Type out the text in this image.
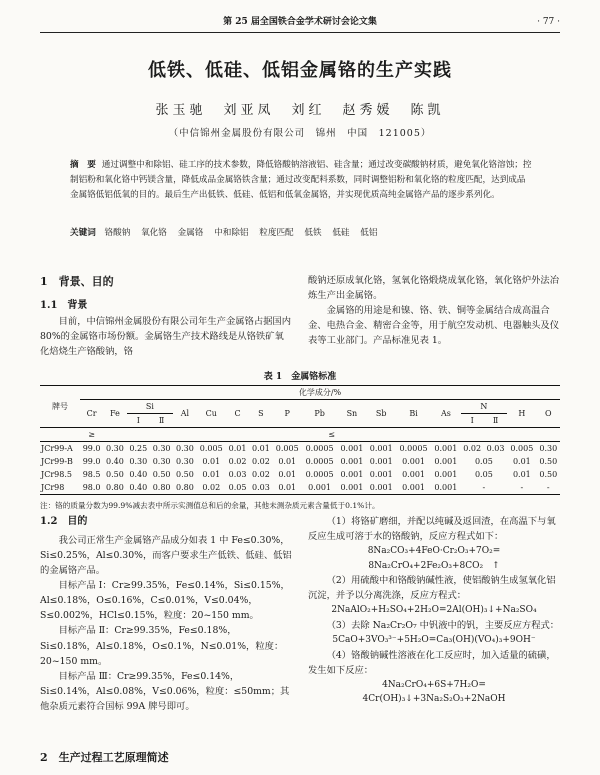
第 25 届全国铁合金学术研讨会论文集	· 77 ·
低铁、低硅、低铝金属铬的生产实践
张玉驰　刘亚凤　刘红　赵秀媛　陈凯
（中信锦州金属股份有限公司　锦州　中国　121005）
摘　要 通过调整中和除铝、硅工序的技术参数，降低铬酸钠溶液铝、硅含量；通过改变碳酸钠材质，避免氧化铬溶蚀；控制铝粉和氧化铬中钙镁含量，降低成品金属铬铁含量；通过改变配料系数，同时调整铝粉和氧化铬的粒度匹配，达到成品金属铬低铝低氧的目的。最后生产出低铁、低硅、低铝和低氧金属铬，并实现优质高纯金属铬产品的逐步系列化。
关键词 铬酸钠 氧化铬 金属铬 中和除铝 粒度匹配 低铁 低硅 低铝

1　背景、目的

1.1　背景

目前，中信锦州金属股份有限公司年生产金属铬占据国内 80%的金属铬市场份额。金属铬生产技术路线是从铬铁矿氧化焙烧生产铬酸钠，铬

酸钠还原成氧化铬，氢氧化铬煅烧成氧化铬，氧化铬炉外法冶炼生产出金属铬。

金属铬的用途是和镍、铬、铁、铜等金属结合成高温合金、电热合金、精密合金等，用于航空发动机、电器触头及仪表等工业部门。产品标准见表 1。

表 1　金属铬标准
牌号	化学成分/%																	
	Cr	Fe	Si		Al	Cu	C	S	P	Pb	Sn	Sb	Bi	As	N		H	O
			Ⅰ	Ⅱ											Ⅰ	Ⅱ		
	≥	≤																
JCr99-A	99.0	0.30	0.25	0.30	0.30	0.005	0.01	0.01	0.005	0.0005	0.001	0.001	0.0005	0.001	0.02	0.03	0.005	0.30
JCr99-B	99.0	0.40	0.30	0.30	0.30	0.01	0.02	0.02	0.01	0.0005	0.001	0.001	0.001	0.001	0.05		0.01	0.50
JCr98.5	98.5	0.50	0.40	0.50	0.50	0.01	0.03	0.02	0.01	0.0005	0.001	0.001	0.001	0.001	0.05		0.01	0.50
JCr98	98.0	0.80	0.40	0.80	0.80	0.02	0.05	0.03	0.01	0.001	0.001	0.001	0.001	0.001	-		-	-
注：铬的质量分数为99.9%减去表中所示实测值总和后的余量，其他未测杂质元素含量低于0.1%计。

1.2　目的

我公司正常生产金属铬产品成分如表 1 中 Fe≤0.30%，Si≤0.25%，Al≤0.30%，而客户要求生产低铁、低硅、低铝的金属铬产品。

目标产品 Ⅰ：Cr≥99.35%，Fe≤0.14%，Si≤0.15%，Al≤0.18%，O≤0.16%，C≤0.01%，V≤0.04%，S≤0.002%，HCl≤0.15%，粒度：20~150 mm。

目标产品 Ⅱ：Cr≥99.35%，Fe≤0.18%，Si≤0.18%，Al≤0.18%，O≤0.1%，N≤0.01%，粒度：20~150 mm。

目标产品 Ⅲ：Cr≥99.35%，Fe≤0.14%，Si≤0.14%，Al≤0.08%，V≤0.06%，粒度：≤50mm；其他杂质元素符合国标 99A 牌号即可。

（1）将铬矿磨细，并配以纯碱及返回渣，在高温下与氧反应生成可溶于水的铬酸钠，反应方程式如下：

8Na₂CO₃+4FeO·Cr₂O₃+7O₂=

8Na₂CrO₄+2Fe₂O₃+8CO₂　↑

（2）用硫酸中和铬酸钠碱性液，使铝酸钠生成氢氧化铝沉淀，并予以分离洗涤，反应方程式：

2NaAlO₂+H₂SO₄+2H₂O=2Al(OH)₃↓+Na₂SO₄

（3）去除 Na₂Cr₂O₇ 中钒液中的钒，主要反应方程式：

5CaO+3VO₃³⁻+5H₂O=Ca₃(OH)(VO₄)₃+9OH⁻

（4）铬酸钠碱性溶液在化工反应时，加入适量的硫磺，发生如下反应：

4Na₂CrO₄+6S+7H₂O=

4Cr(OH)₃↓+3Na₂S₂O₃+2NaOH

2　生产过程工艺原理简述
